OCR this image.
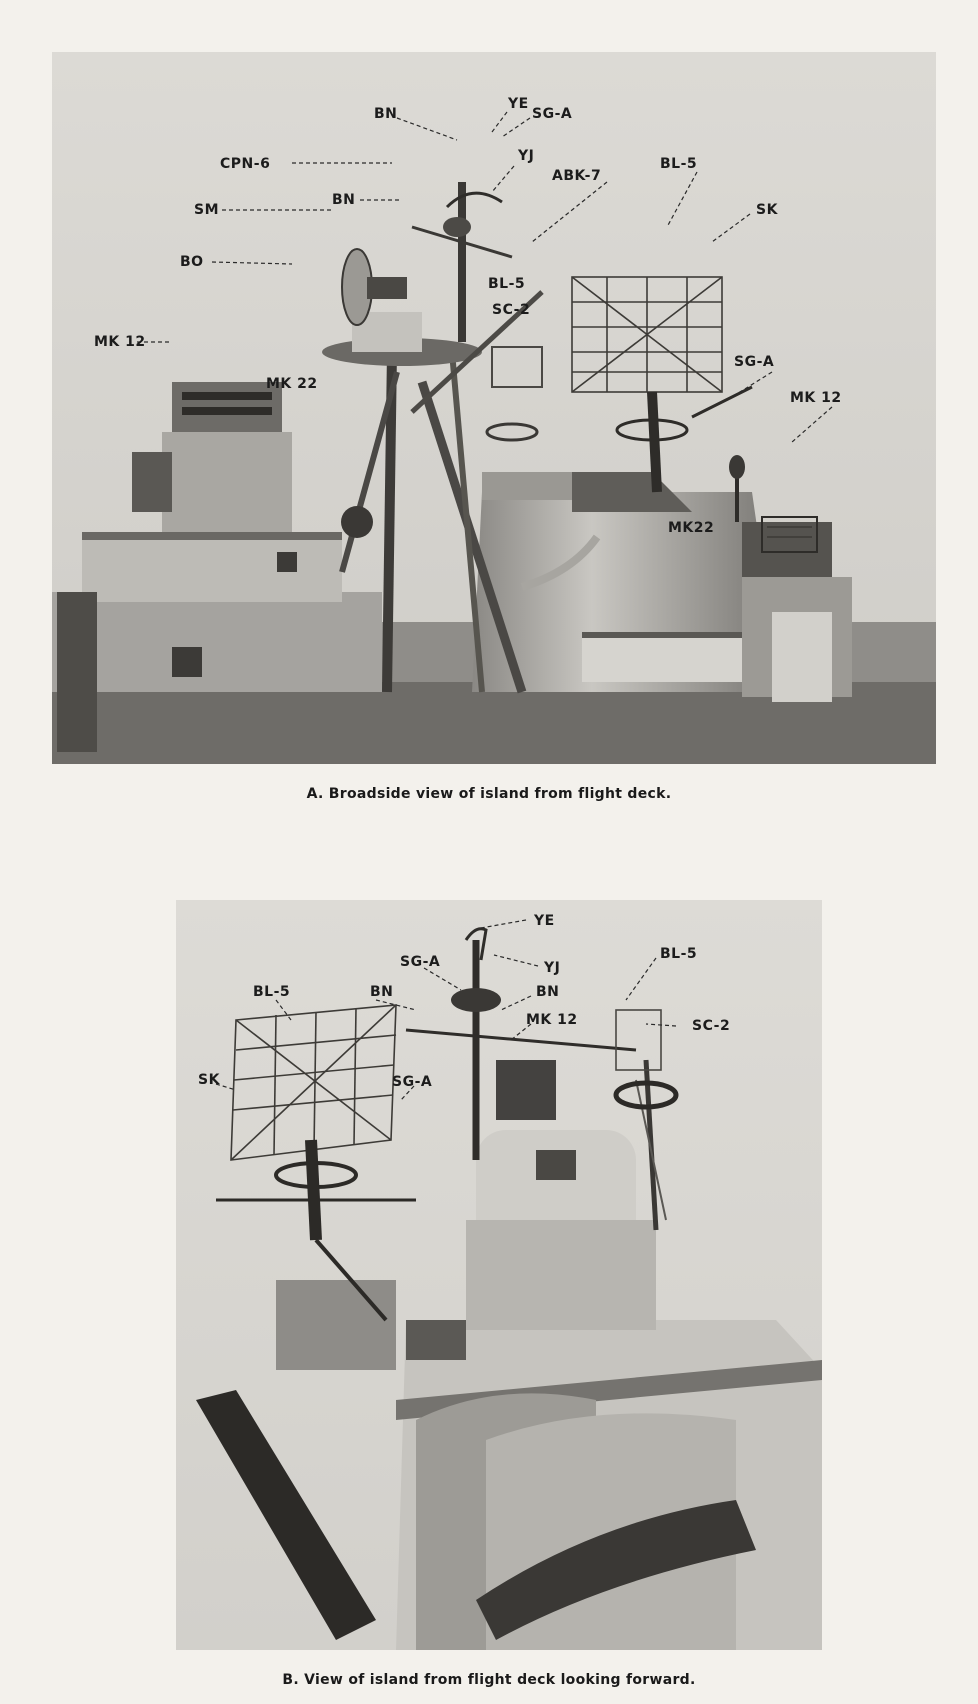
YE
BN	SG-A
CPN-6	YJ	BL-5
ABK-7
BN
SK
SM
BO
BL-5
SC-2
MK 12
MK 22
SG-A
MK 12
MK22
A. Broadside view of island from flight deck.
YE
SG-A	YJ
BL-5
BL-5	BN	BN
MK 12	SC-2
SK	SG-A
B. View of island from flight deck looking forward.
